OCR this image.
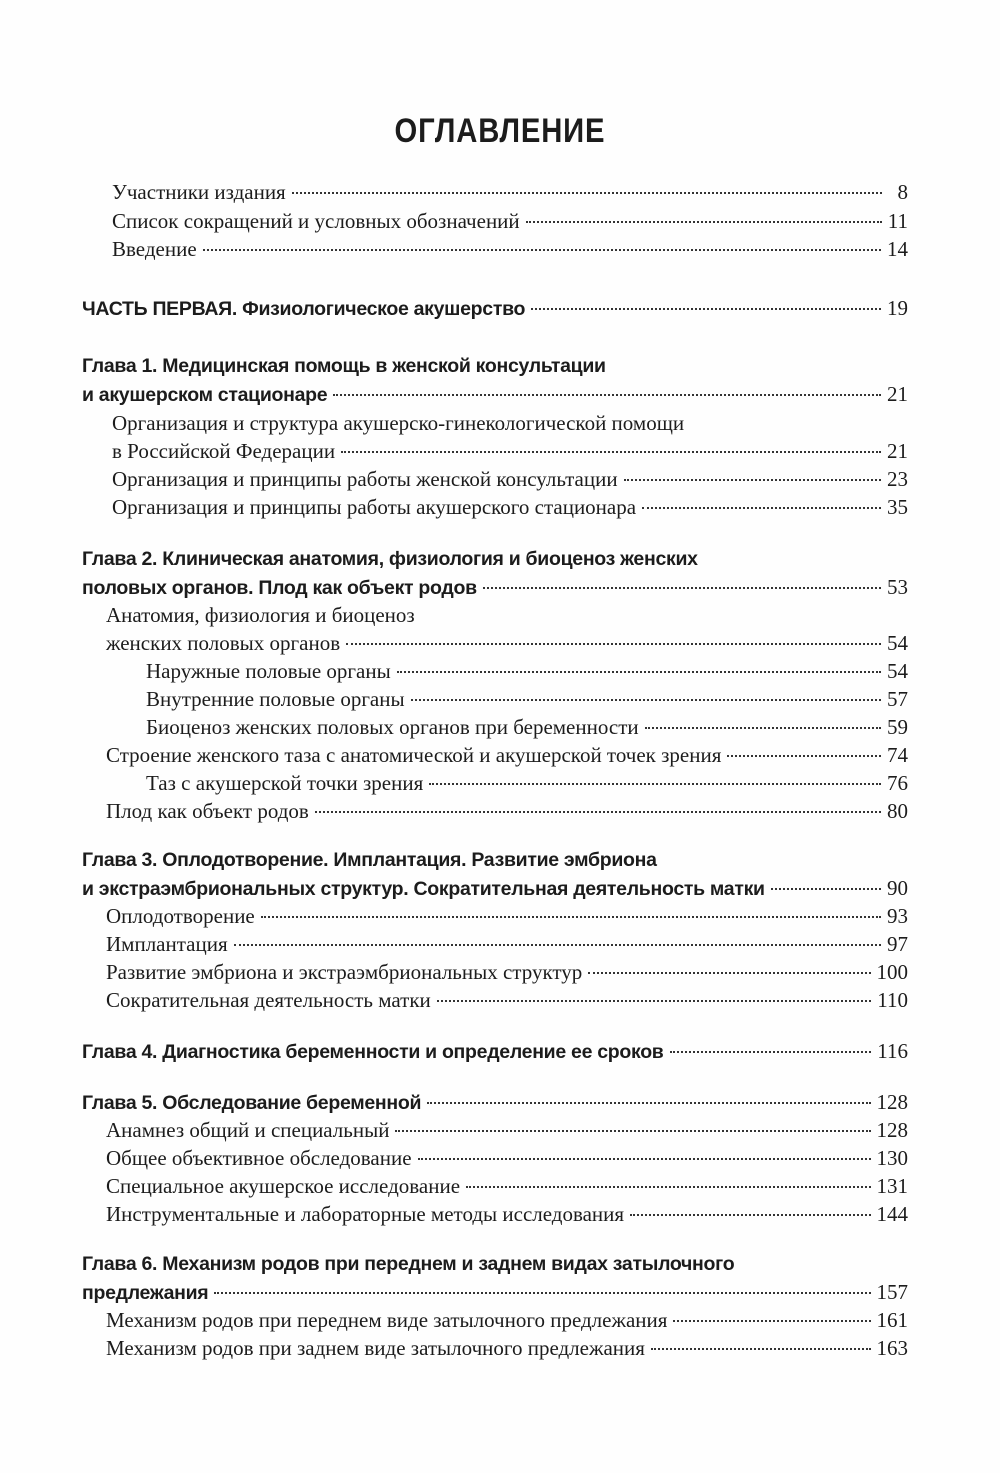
ОГЛАВЛЕНИЕ
Участники издания	8
Список сокращений и условных обозначений	11
Введение	14
ЧАСТЬ ПЕРВАЯ. Физиологическое акушерство	19
Глава 1. Медицинская помощь в женской консультации
и акушерском стационаре	21
Организация и структура акушерско-гинекологической помощи
в Российской Федерации	21
Организация и принципы работы женской консультации	23
Организация и принципы работы акушерского стационара	35
Глава 2. Клиническая анатомия, физиология и биоценоз женских
половых органов. Плод как объект родов	53
Анатомия, физиология и биоценоз
женских половых органов	54
Наружные половые органы	54
Внутренние половые органы	57
Биоценоз женских половых органов при беременности	59
Строение женского таза с анатомической и акушерской точек зрения	74
Таз с акушерской точки зрения	76
Плод как объект родов	80
Глава 3. Оплодотворение. Имплантация. Развитие эмбриона
и экстраэмбриональных структур. Сократительная деятельность матки	90
Оплодотворение	93
Имплантация	97
Развитие эмбриона и экстраэмбриональных структур	100
Сократительная деятельность матки	110
Глава 4. Диагностика беременности и определение ее сроков	116
Глава 5. Обследование беременной	128
Анамнез общий и специальный	128
Общее объективное обследование	130
Специальное акушерское исследование	131
Инструментальные и лабораторные методы исследования	144
Глава 6. Механизм родов при переднем и заднем видах затылочного
предлежания	157
Механизм родов при переднем виде затылочного предлежания	161
Механизм родов при заднем виде затылочного предлежания	163
